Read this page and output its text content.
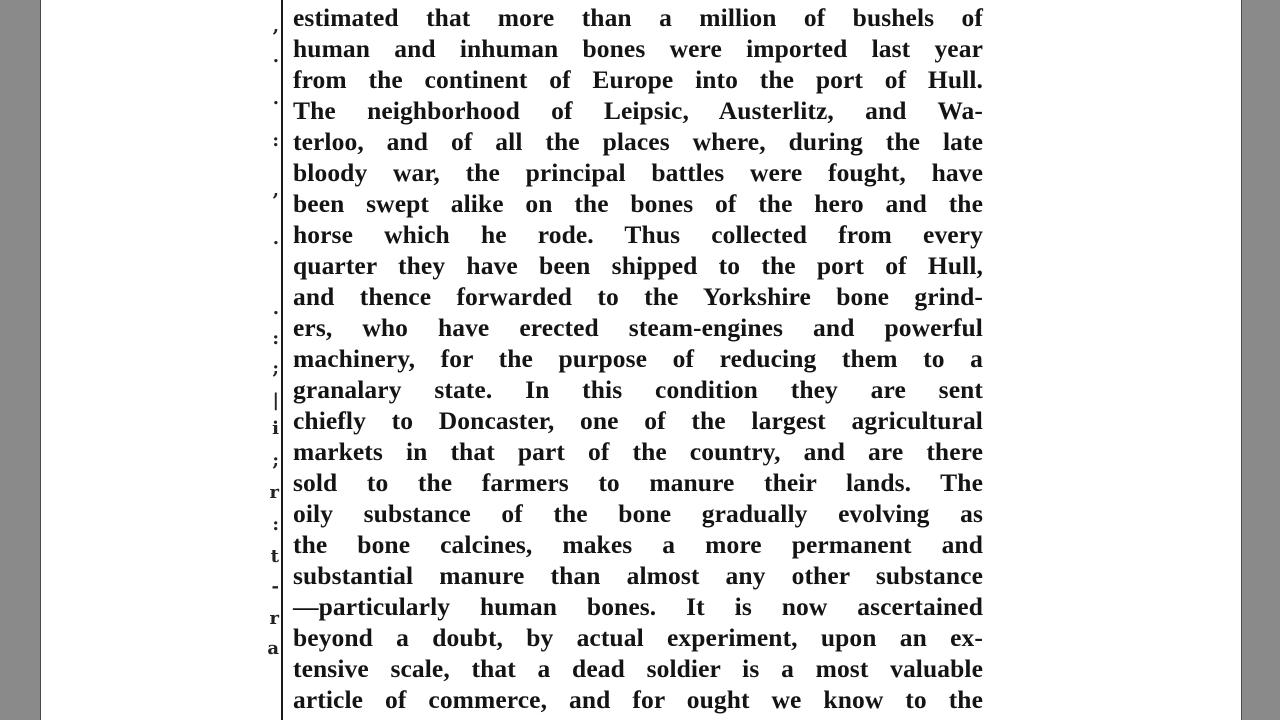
,
.
.
:
,
.
.
:
;
|
i
;
r
:
t
-
r
a
estimated that more than a million of bushels of
human and inhuman bones were imported last year
from the continent of Europe into the port of Hull.
The neighborhood of Leipsic, Austerlitz, and Wa-
terloo, and of all the places where, during the late
bloody war, the principal battles were fought, have
been swept alike on the bones of the hero and the
horse which he rode. Thus collected from every
quarter they have been shipped to the port of Hull,
and thence forwarded to the Yorkshire bone grind-
ers, who have erected steam-engines and powerful
machinery, for the purpose of reducing them to a
granalary state. In this condition they are sent
chiefly to Doncaster, one of the largest agricultural
markets in that part of the country, and are there
sold to the farmers to manure their lands. The
oily substance of the bone gradually evolving as
the bone calcines, makes a more permanent and
substantial manure than almost any other substance
—particularly human bones. It is now ascertained
beyond a doubt, by actual experiment, upon an ex-
tensive scale, that a dead soldier is a most valuable
article of commerce, and for ought we know to the
